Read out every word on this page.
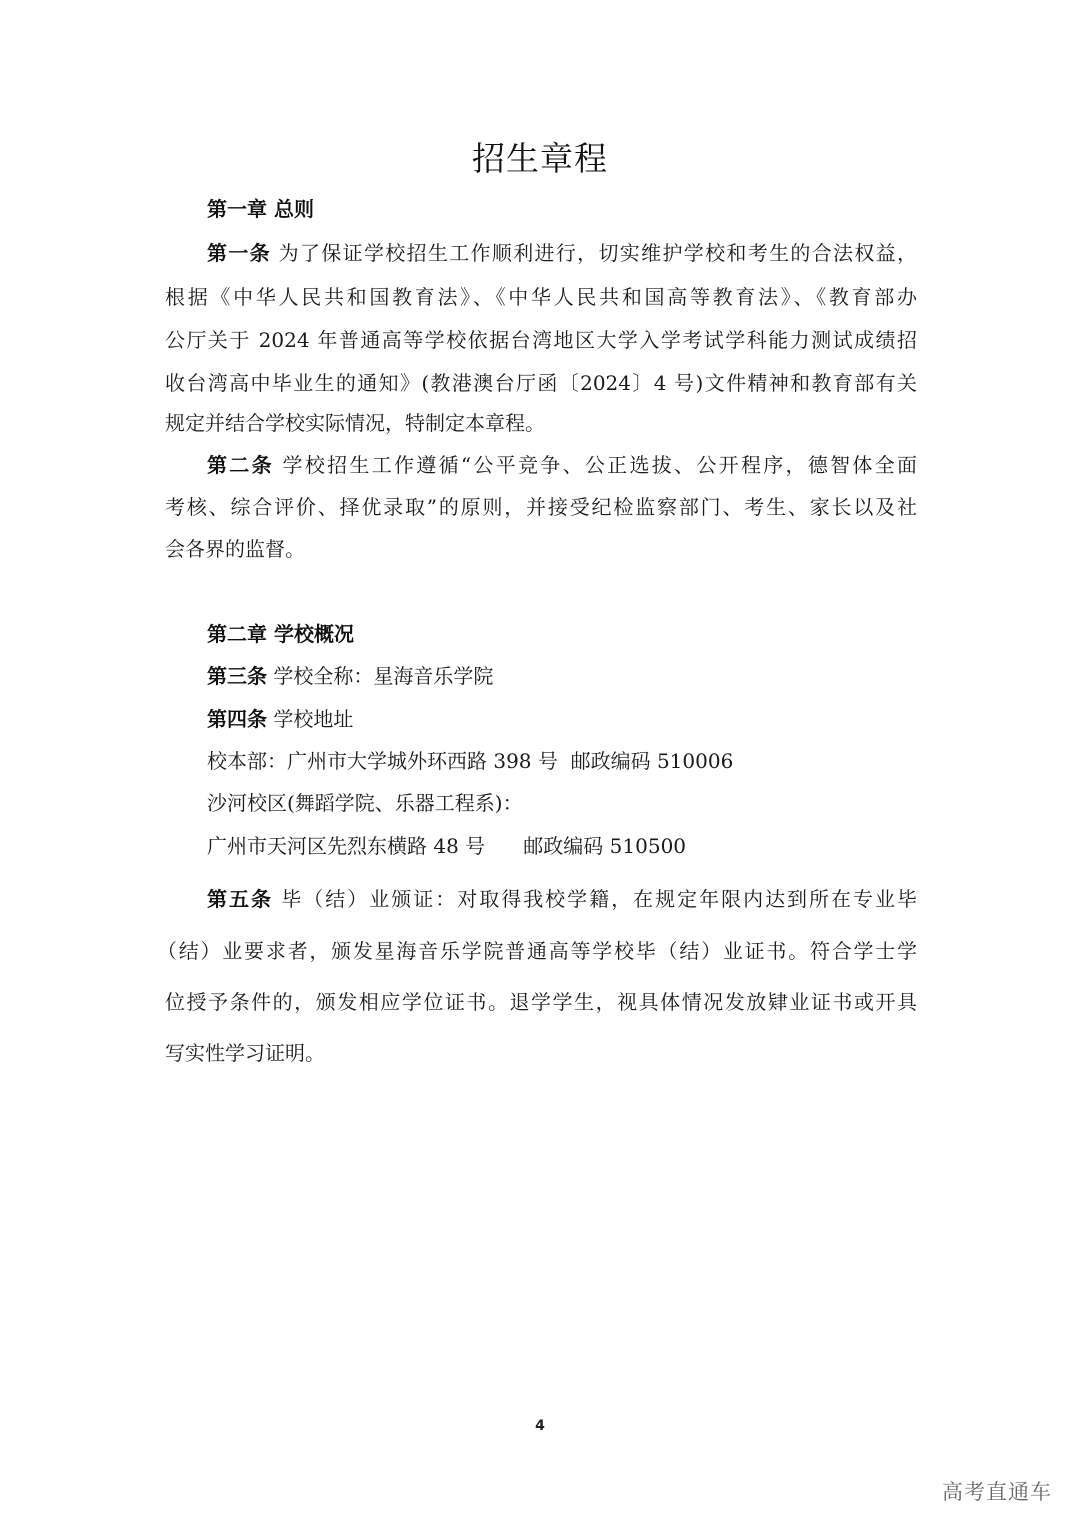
招生章程
第一章 总则
第一条 为了保证学校招生工作顺利进行，切实维护学校和考生的合法权益，
根据《中华人民共和国教育法》、《中华人民共和国高等教育法》、《教育部办
公厅关于 2024 年普通高等学校依据台湾地区大学入学考试学科能力测试成绩招
收台湾高中毕业生的通知》(教港澳台厅函〔2024〕4 号)文件精神和教育部有关
规定并结合学校实际情况，特制定本章程。
第二条 学校招生工作遵循“公平竞争、公正选拔、公开程序，德智体全面
考核、综合评价、择优录取”的原则，并接受纪检监察部门、考生、家长以及社
会各界的监督。
第二章 学校概况
第三条 学校全称：星海音乐学院
第四条 学校地址
校本部：广州市大学城外环西路 398 号  邮政编码 510006
沙河校区(舞蹈学院、乐器工程系)：
广州市天河区先烈东横路 48 号      邮政编码 510500
第五条 毕（结）业颁证：对取得我校学籍，在规定年限内达到所在专业毕
（结）业要求者，颁发星海音乐学院普通高等学校毕（结）业证书。符合学士学
位授予条件的，颁发相应学位证书。退学学生，视具体情况发放肄业证书或开具
写实性学习证明。
4
高考直通车
